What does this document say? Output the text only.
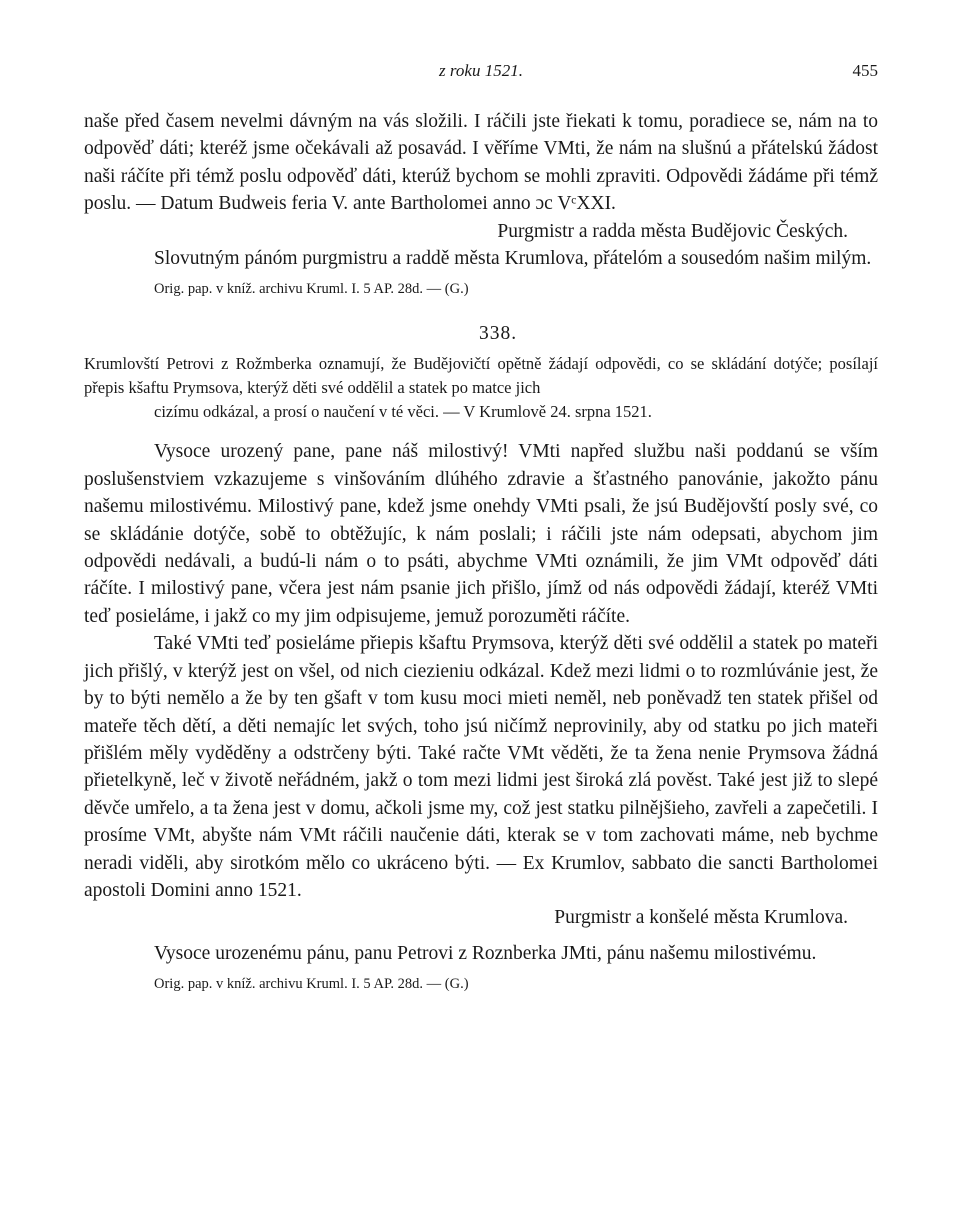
z roku 1521.	455

naše před časem nevelmi dávným na vás složili. I ráčili jste řiekati k tomu, poradiece se, nám na to odpověď dáti; kteréž jsme očekávali až posavád. I věříme VMti, že nám na slušnú a přátelskú žádost naši ráčíte při témž poslu odpověď dáti, kterúž bychom se mohli zpraviti. Odpovědi žádáme při témž poslu. — Datum Budweis feria V. ante Bartholomei anno ɔc VᶜXXI.

Purgmistr a radda města Budějovic Českých.

Slovutným pánóm purgmistru a raddě města Krumlova, přátelóm a sousedóm našim milým.

Orig. pap. v kníž. archivu Kruml. I. 5 AP. 28d. — (G.)

338.

Krumlovští Petrovi z Rožmberka oznamují, že Budějovičtí opětně žádají odpovědi, co se skládání dotýče; posílají přepis kšaftu Prymsova, kterýž děti své oddělil a statek po matce jich

cizímu odkázal, a prosí o naučení v té věci. — V Krumlově 24. srpna 1521.

Vysoce urozený pane, pane náš milostivý! VMti napřed službu naši poddanú se vším poslušenstviem vzkazujeme s vinšováním dlúhého zdravie a šťastného panovánie, jakožto pánu našemu milostivému. Milostivý pane, kdež jsme onehdy VMti psali, že jsú Budějovští posly své, co se skládánie dotýče, sobě to obtěžujíc, k nám poslali; i ráčili jste nám odepsati, abychom jim odpovědi nedávali, a budú-li nám o to psáti, abychme VMti oznámili, že jim VMt odpověď dáti ráčíte. I milostivý pane, včera jest nám psanie jich přišlo, jímž od nás odpovědi žádají, kteréž VMti teď posieláme, i jakž co my jim odpisujeme, jemuž porozuměti ráčíte.

Také VMti teď posieláme přiepis kšaftu Prymsova, kterýž děti své oddělil a statek po mateři jich přišlý, v kterýž jest on všel, od nich ciezieniu odkázal. Kdež mezi lidmi o to rozmlúvánie jest, že by to býti nemělo a že by ten gšaft v tom kusu moci mieti neměl, neb poněvadž ten statek přišel od mateře těch dětí, a děti nemajíc let svých, toho jsú ničímž neprovinily, aby od statku po jich mateři přišlém měly vyděděny a odstrčeny býti. Také račte VMt věděti, že ta žena nenie Prymsova žádná přietelkyně, leč v životě neřádném, jakž o tom mezi lidmi jest široká zlá pověst. Také jest již to slepé děvče umřelo, a ta žena jest v domu, ačkoli jsme my, což jest statku pilnějšieho, zavřeli a zapečetili. I prosíme VMt, abyšte nám VMt ráčili naučenie dáti, kterak se v tom zachovati máme, neb bychme neradi viděli, aby sirotkóm mělo co ukráceno býti. — Ex Krumlov, sabbato die sancti Bartholomei apostoli Domini anno 1521.

Purgmistr a konšelé města Krumlova.

Vysoce urozenému pánu, panu Petrovi z Roznberka JMti, pánu našemu milostivému.

Orig. pap. v kníž. archivu Kruml. I. 5 AP. 28d. — (G.)
